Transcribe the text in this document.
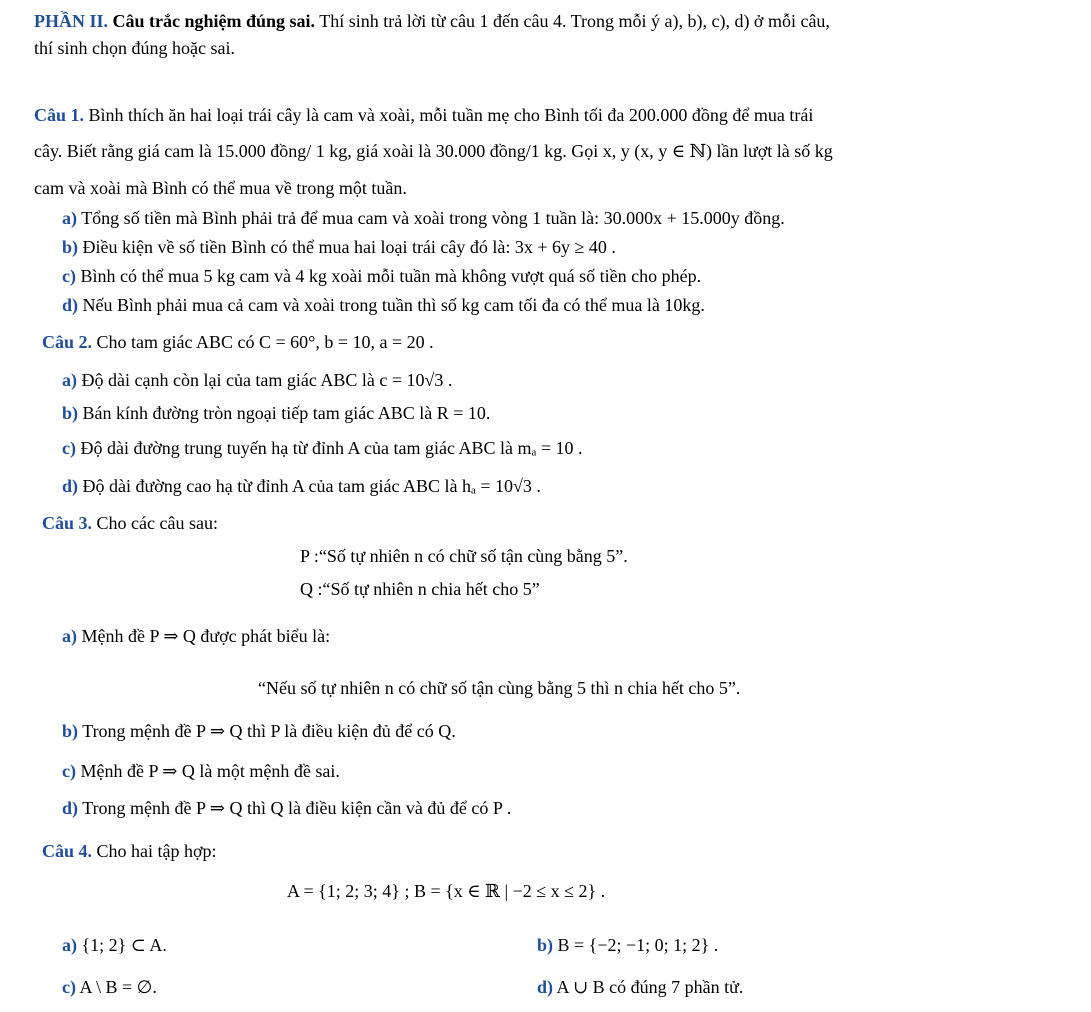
PHẦN II. Câu trắc nghiệm đúng sai. Thí sinh trả lời từ câu 1 đến câu 4. Trong mỗi ý a), b), c), d) ở mỗi câu,
thí sinh chọn đúng hoặc sai.
Câu 1. Bình thích ăn hai loại trái cây là cam và xoài, mỗi tuần mẹ cho Bình tối đa 200.000 đồng để mua trái
cây. Biết rằng giá cam là 15.000 đồng/ 1 kg, giá xoài là 30.000 đồng/1 kg. Gọi x, y (x, y ∈ ℕ) lần lượt là số kg
cam và xoài mà Bình có thể mua về trong một tuần.
a) Tổng số tiền mà Bình phải trả để mua cam và xoài trong vòng 1 tuần là: 30.000x + 15.000y đồng.
b) Điều kiện về số tiền Bình có thể mua hai loại trái cây đó là: 3x + 6y ≥ 40 .
c) Bình có thể mua 5 kg cam và 4 kg xoài mỗi tuần mà không vượt quá số tiền cho phép.
d) Nếu Bình phải mua cả cam và xoài trong tuần thì số kg cam tối đa có thể mua là 10kg.
Câu 2. Cho tam giác ABC có C = 60°, b = 10, a = 20 .
a) Độ dài cạnh còn lại của tam giác ABC là c = 10√3 .
b) Bán kính đường tròn ngoại tiếp tam giác ABC là R = 10.
c) Độ dài đường trung tuyến hạ từ đỉnh A của tam giác ABC là mₐ = 10 .
d) Độ dài đường cao hạ từ đỉnh A của tam giác ABC là hₐ = 10√3 .
Câu 3. Cho các câu sau:
P :“Số tự nhiên n có chữ số tận cùng bằng 5”.
Q :“Số tự nhiên n chia hết cho 5”
a) Mệnh đề P ⇒ Q được phát biểu là:
“Nếu số tự nhiên n có chữ số tận cùng bằng 5 thì n chia hết cho 5”.
b) Trong mệnh đề P ⇒ Q thì P là điều kiện đủ để có Q.
c) Mệnh đề P ⇒ Q là một mệnh đề sai.
d) Trong mệnh đề P ⇒ Q thì Q là điều kiện cần và đủ để có P .
Câu 4. Cho hai tập hợp:
A = {1; 2; 3; 4} ; B = {x ∈ ℝ | −2 ≤ x ≤ 2} .
a) {1; 2} ⊂ A.	b) B = {−2; −1; 0; 1; 2} .
c) A \ B = ∅.	d) A ∪ B có đúng 7 phần tử.
